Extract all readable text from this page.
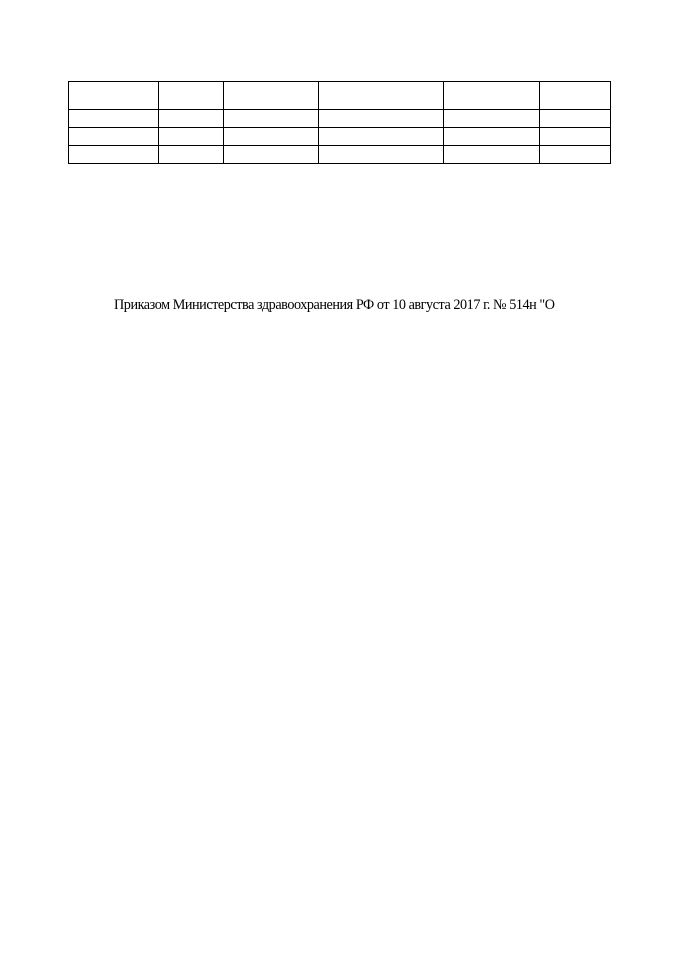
Приказом Министерства здравоохранения РФ от 10 августа 2017 г. № 514н "О
